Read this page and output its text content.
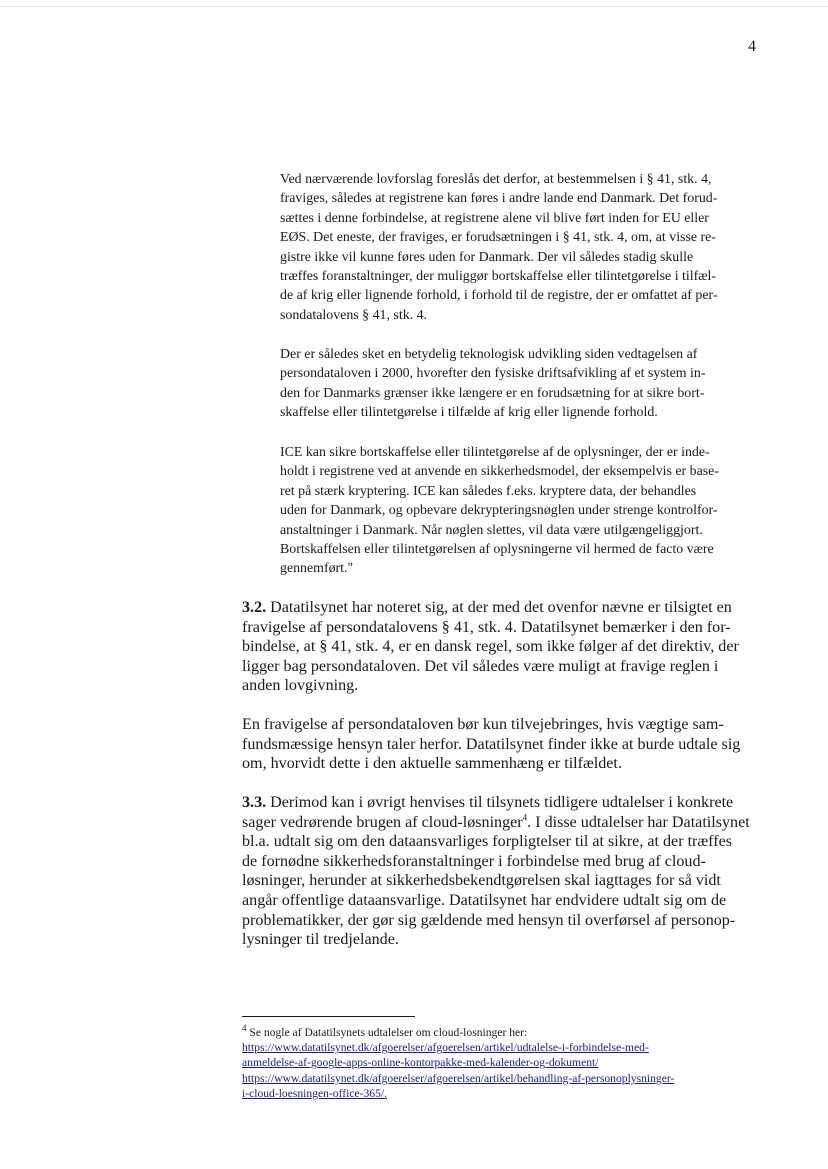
4

Ved nærværende lovforslag foreslås det derfor, at bestemmelsen i § 41, stk. 4,
fraviges, således at registrene kan føres i andre lande end Danmark. Det forud-
sættes i denne forbindelse, at registrene alene vil blive ført inden for EU eller
EØS. Det eneste, der fraviges, er forudsætningen i § 41, stk. 4, om, at visse re-
gistre ikke vil kunne føres uden for Danmark. Der vil således stadig skulle
træffes foranstaltninger, der muliggør bortskaffelse eller tilintetgørelse i tilfæl-
de af krig eller lignende forhold, i forhold til de registre, der er omfattet af per-
sondatalovens § 41, stk. 4.

Der er således sket en betydelig teknologisk udvikling siden vedtagelsen af
persondataloven i 2000, hvorefter den fysiske driftsafvikling af et system in-
den for Danmarks grænser ikke længere er en forudsætning for at sikre bort-
skaffelse eller tilintetgørelse i tilfælde af krig eller lignende forhold.

ICE kan sikre bortskaffelse eller tilintetgørelse af de oplysninger, der er inde-
holdt i registrene ved at anvende en sikkerhedsmodel, der eksempelvis er base-
ret på stærk kryptering. ICE kan således f.eks. kryptere data, der behandles
uden for Danmark, og opbevare dekrypteringsnøglen under strenge kontrolfor-
anstaltninger i Danmark. Når nøglen slettes, vil data være utilgængeliggjort.
Bortskaffelsen eller tilintetgørelsen af oplysningerne vil hermed de facto være
gennemført."

3.2. Datatilsynet har noteret sig, at der med det ovenfor nævne er tilsigtet en
fravigelse af persondatalovens § 41, stk. 4. Datatilsynet bemærker i den for-
bindelse, at § 41, stk. 4, er en dansk regel, som ikke følger af det direktiv, der
ligger bag persondataloven. Det vil således være muligt at fravige reglen i
anden lovgivning.

En fravigelse af persondataloven bør kun tilvejebringes, hvis vægtige sam-
fundsmæssige hensyn taler herfor. Datatilsynet finder ikke at burde udtale sig
om, hvorvidt dette i den aktuelle sammenhæng er tilfældet.

3.3. Derimod kan i øvrigt henvises til tilsynets tidligere udtalelser i konkrete
sager vedrørende brugen af cloud-løsninger$^4$. I disse udtalelser har Datatilsynet
bl.a. udtalt sig om den dataansvarliges forpligtelser til at sikre, at der træffes
de fornødne sikkerhedsforanstaltninger i forbindelse med brug af cloud-
løsninger, herunder at sikkerhedsbekendtgørelsen skal iagttages for så vidt
angår offentlige dataansvarlige. Datatilsynet har endvidere udtalt sig om de
problematikker, der gør sig gældende med hensyn til overførsel af personop-
lysninger til tredjelande.

$^4$ Se nogle af Datatilsynets udtalelser om cloud-losninger her:
https://www.datatilsynet.dk/afgoerelser/afgoerelsen/artikel/udtalelse-i-forbindelse-med-
anmeldelse-af-google-apps-online-kontorpakke-med-kalender-og-dokument/
https://www.datatilsynet.dk/afgoerelser/afgoerelsen/artikel/behandling-af-personoplysninger-
i-cloud-loesningen-office-365/.
